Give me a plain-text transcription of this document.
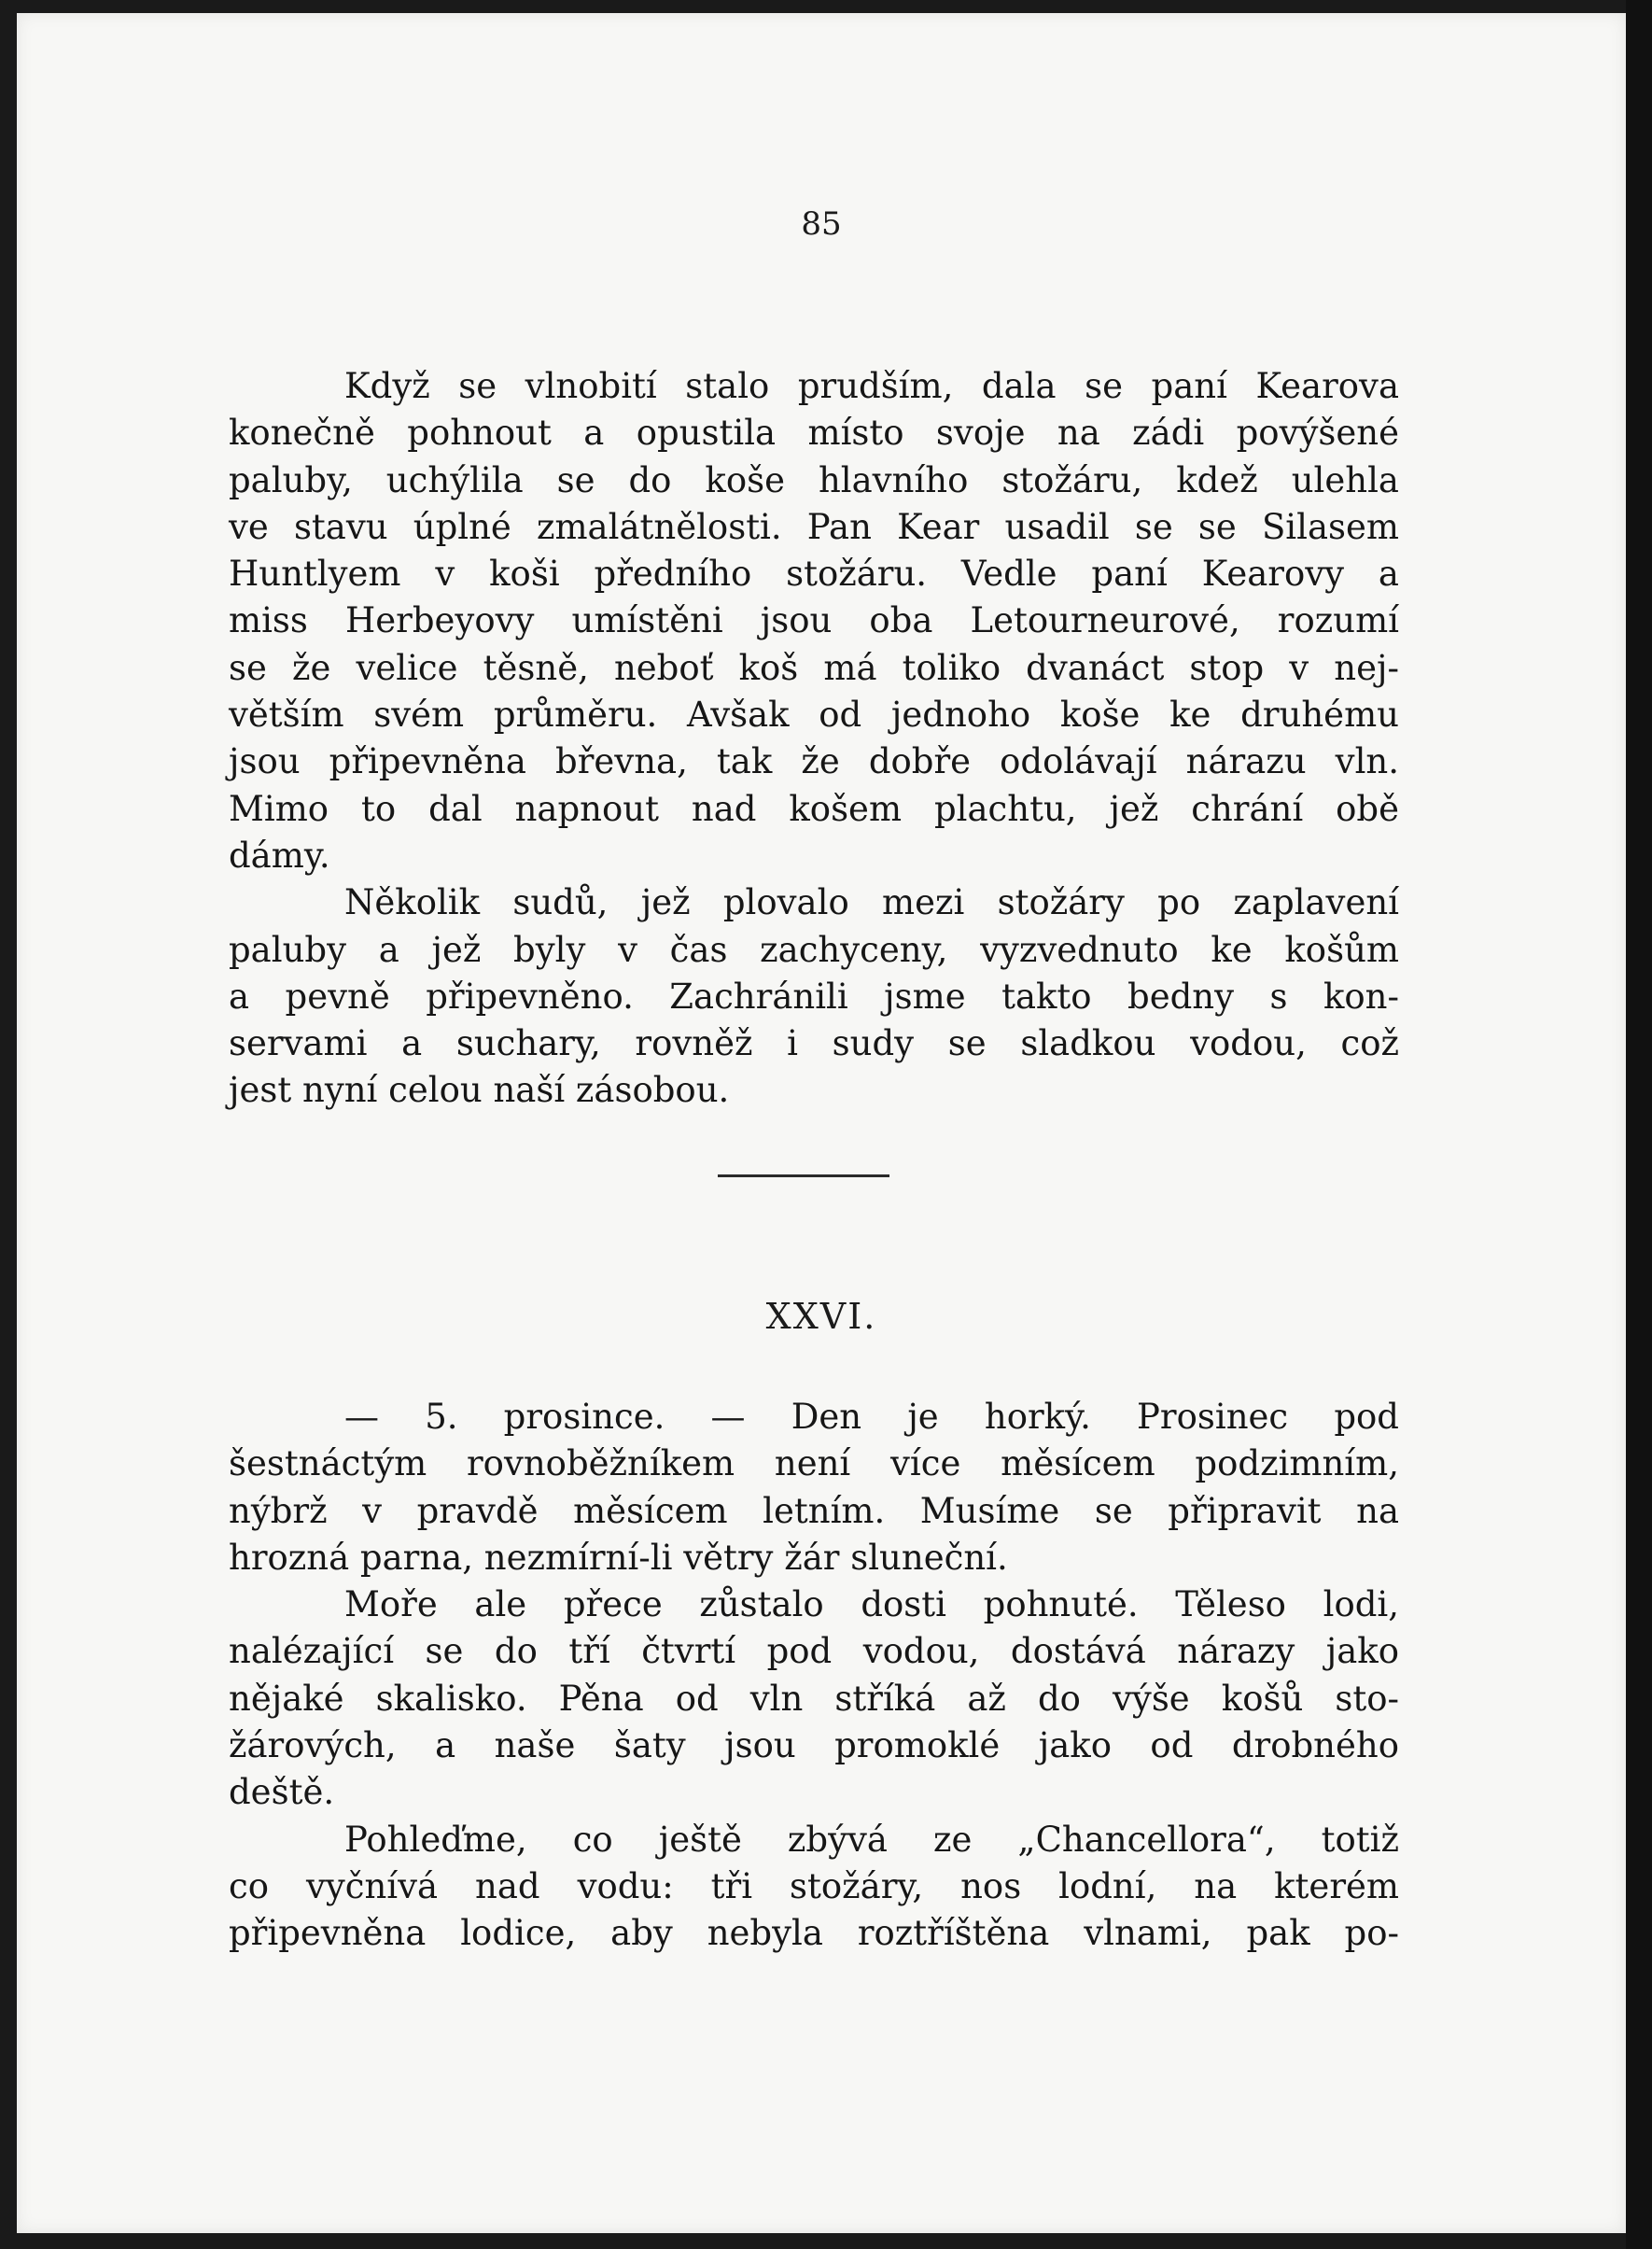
85
Když se vlnobití stalo prudším, dala se paní Kearova
konečně pohnout a opustila místo svoje na zádi povýšené
paluby, uchýlila se do koše hlavního stožáru, kdež ulehla
ve stavu úplné zmalátnělosti. Pan Kear usadil se se Silasem
Huntlyem v koši předního stožáru. Vedle paní Kearovy a
miss Herbeyovy umístěni jsou oba Letourneurové, rozumí
se že velice těsně, neboť koš má toliko dvanáct stop v nej-
větším svém průměru. Avšak od jednoho koše ke druhému
jsou připevněna břevna, tak že dobře odolávají nárazu vln.
Mimo to dal napnout nad košem plachtu, jež chrání obě
dámy.
Několik sudů, jež plovalo mezi stožáry po zaplavení
paluby a jež byly v čas zachyceny, vyzvednuto ke košům
a pevně připevněno. Zachránili jsme takto bedny s kon-
servami a suchary, rovněž i sudy se sladkou vodou, což
jest nyní celou naší zásobou.
XXVI.
— 5. prosince. — Den je horký. Prosinec pod
šestnáctým rovnoběžníkem není více měsícem podzimním,
nýbrž v pravdě měsícem letním. Musíme se připravit na
hrozná parna, nezmírní-li větry žár sluneční.
Moře ale přece zůstalo dosti pohnuté. Těleso lodi,
nalézající se do tří čtvrtí pod vodou, dostává nárazy jako
nějaké skalisko. Pěna od vln stříká až do výše košů sto-
žárových, a naše šaty jsou promoklé jako od drobného
deště.
Pohleďme, co ještě zbývá ze „Chancellora“, totiž
co vyčnívá nad vodu: tři stožáry, nos lodní, na kterém
připevněna lodice, aby nebyla roztříštěna vlnami, pak po-
